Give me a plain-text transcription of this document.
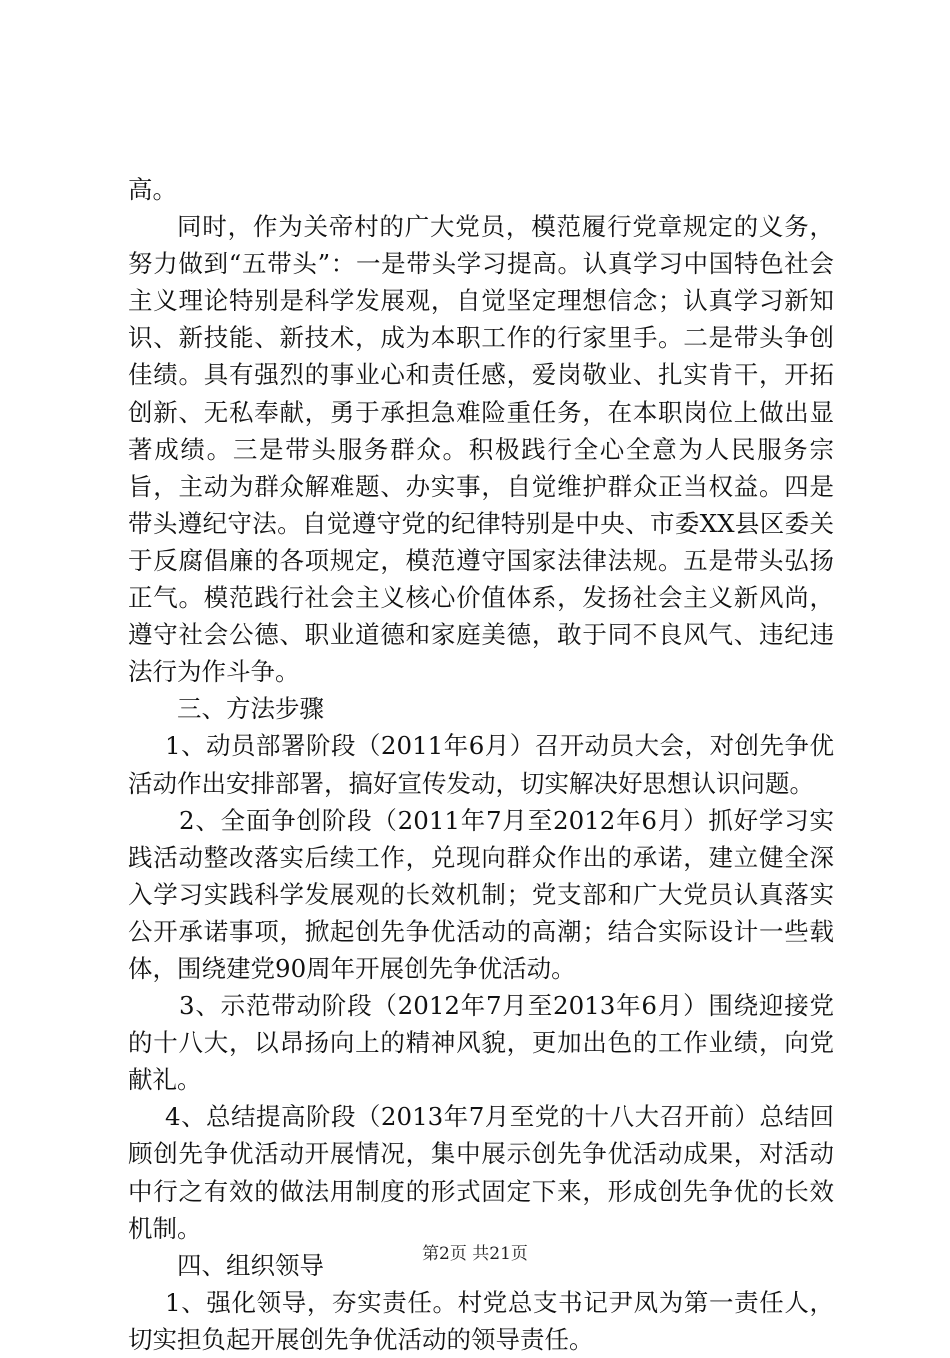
高。

同时，作为关帝村的广大党员，模范履行党章规定的义务，努力做到“五带头”：一是带头学习提高。认真学习中国特色社会主义理论特别是科学发展观，自觉坚定理想信念；认真学习新知识、新技能、新技术，成为本职工作的行家里手。二是带头争创佳绩。具有强烈的事业心和责任感，爱岗敬业、扎实肯干，开拓创新、无私奉献，勇于承担急难险重任务，在本职岗位上做出显著成绩。三是带头服务群众。积极践行全心全意为人民服务宗旨，主动为群众解难题、办实事，自觉维护群众正当权益。四是带头遵纪守法。自觉遵守党的纪律特别是中央、市委XX县区委关于反腐倡廉的各项规定，模范遵守国家法律法规。五是带头弘扬正气。模范践行社会主义核心价值体系，发扬社会主义新风尚，遵守社会公德、职业道德和家庭美德，敢于同不良风气、违纪违法行为作斗争。

三、方法步骤

1、动员部署阶段（2011年6月）召开动员大会，对创先争优活动作出安排部署，搞好宣传发动，切实解决好思想认识问题。

2、全面争创阶段（2011年7月至2012年6月）抓好学习实践活动整改落实后续工作，兑现向群众作出的承诺，建立健全深入学习实践科学发展观的长效机制；党支部和广大党员认真落实公开承诺事项，掀起创先争优活动的高潮；结合实际设计一些载体，围绕建党90周年开展创先争优活动。

3、示范带动阶段（2012年7月至2013年6月）围绕迎接党的十八大，以昂扬向上的精神风貌，更加出色的工作业绩，向党献礼。

4、总结提高阶段（2013年7月至党的十八大召开前）总结回顾创先争优活动开展情况，集中展示创先争优活动成果，对活动中行之有效的做法用制度的形式固定下来，形成创先争优的长效机制。

四、组织领导

1、强化领导，夯实责任。村党总支书记尹凤为第一责任人，切实担负起开展创先争优活动的领导责任。

第2页 共21页
